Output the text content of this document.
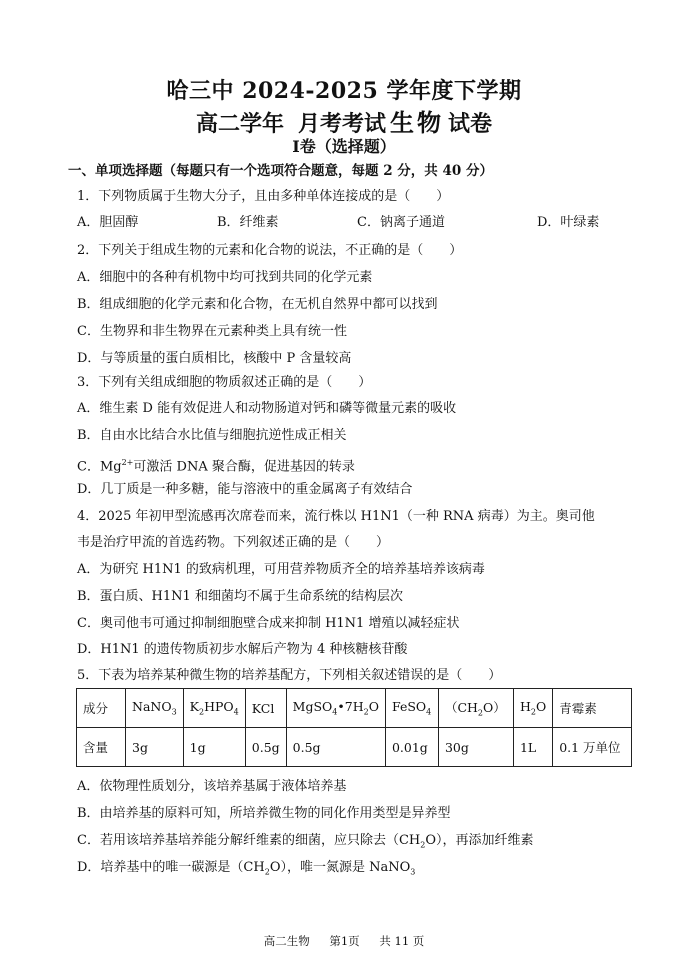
哈三中 2024-2025 学年度下学期
高二学年 月考考试 生物 试卷
I卷（选择题）
一、单项选择题（每题只有一个选项符合题意，每题 2 分，共 40 分）
1．下列物质属于生物大分子，且由多种单体连接成的是（　　）
A．胆固醇	B．纤维素	C．钠离子通道	D．叶绿素
2．下列关于组成生物的元素和化合物的说法，不正确的是（　　）
A．细胞中的各种有机物中均可找到共同的化学元素
B．组成细胞的化学元素和化合物，在无机自然界中都可以找到
C．生物界和非生物界在元素种类上具有统一性
D．与等质量的蛋白质相比，核酸中 P 含量较高
3．下列有关组成细胞的物质叙述正确的是（　　）
A．维生素 D 能有效促进人和动物肠道对钙和磷等微量元素的吸收
B．自由水比结合水比值与细胞抗逆性成正相关
C．$Mg^{2+}$可激活 DNA 聚合酶，促进基因的转录
D．几丁质是一种多糖，能与溶液中的重金属离子有效结合
4．2025 年初甲型流感再次席卷而来，流行株以 H1N1（一种 RNA 病毒）为主。奥司他
韦是治疗甲流的首选药物。下列叙述正确的是（　　）
A．为研究 H1N1 的致病机理，可用营养物质齐全的培养基培养该病毒
B．蛋白质、H1N1 和细菌均不属于生命系统的结构层次
C．奥司他韦可通过抑制细胞壁合成来抑制 H1N1 增殖以减轻症状
D．H1N1 的遗传物质初步水解后产物为 4 种核糖核苷酸
5．下表为培养某种微生物的培养基配方，下列相关叙述错误的是（　　）
成分	NaNO$_3$	$K_2HPO_4$	KCl	$MgSO_4•7H_2O$	FeSO$_4$	$(CH_2O)$	$H_2O$	青霉素
含量	3g	1g	0.5g	0.5g	0.01g	30g	1L	0.1 万单位
A．依物理性质划分，该培养基属于液体培养基
B．由培养基的原料可知，所培养微生物的同化作用类型是异养型
C．若用该培养基培养能分解纤维素的细菌，应只除去$(CH_2O)$，再添加纤维素
D．培养基中的唯一碳源是$(CH_2O)$，唯一氮源是 NaNO$_3$
高二生物 第1页 共 11 页
